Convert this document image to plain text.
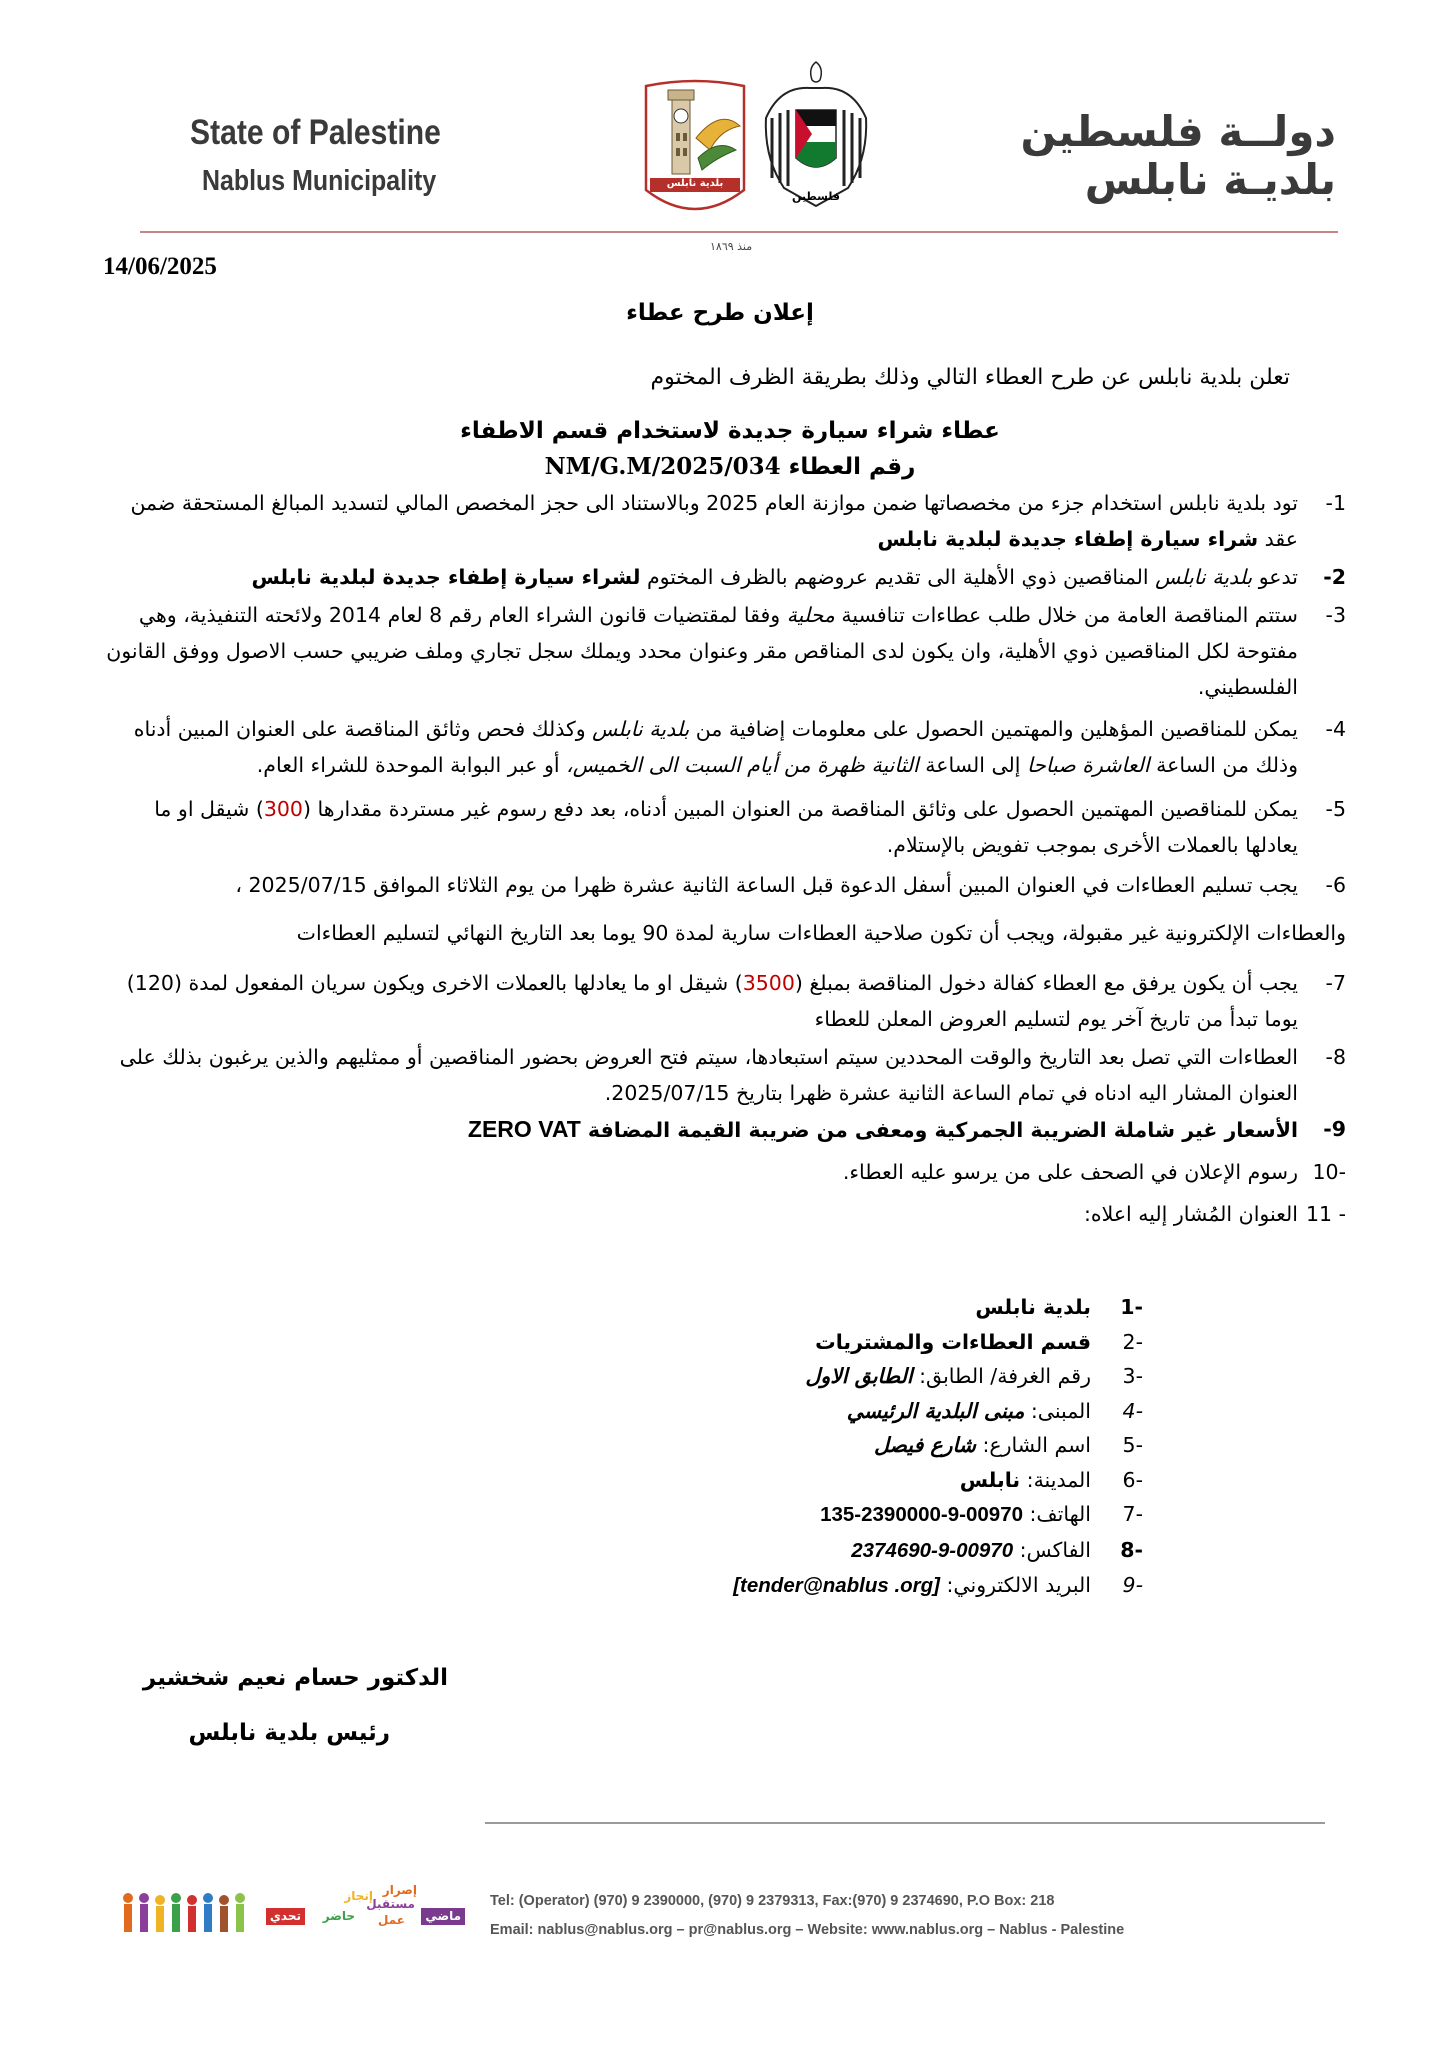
State of Palestine
Nablus Municipality
دولــة فلسطين
بلديـة نابلس
بلدية نابلس
منذ ١٨٦٩
فلسطين
14/06/2025
إعلان طرح عطاء
تعلن بلدية نابلس عن طرح العطاء التالي وذلك بطريقة الظرف المختوم
عطاء شراء سيارة جديدة لاستخدام قسم الاطفاء
رقم العطاء NM/G.M/2025/034
-1
تود بلدية نابلس استخدام جزء من مخصصاتها ضمن موازنة العام 2025 وبالاستناد الى حجز المخصص المالي لتسديد المبالغ المستحقة ضمن عقد شراء سيارة إطفاء جديدة لبلدية نابلس
-2
تدعو بلدية نابلس المناقصين ذوي الأهلية الى تقديم عروضهم بالظرف المختوم لشراء سيارة إطفاء جديدة لبلدية نابلس
-3
ستتم المناقصة العامة من خلال طلب عطاءات تنافسية محلية وفقا لمقتضيات قانون الشراء العام رقم 8 لعام 2014 ولائحته التنفيذية، وهي مفتوحة لكل المناقصين ذوي الأهلية، وان يكون لدى المناقص مقر وعنوان محدد ويملك سجل تجاري وملف ضريبي حسب الاصول ووفق القانون الفلسطيني.
-4
يمكن للمناقصين المؤهلين والمهتمين الحصول على معلومات إضافية من بلدية نابلس وكذلك فحص وثائق المناقصة على العنوان المبين أدناه وذلك من الساعة العاشرة صباحا إلى الساعة الثانية ظهرة من أيام السبت الى الخميس، أو عبر البوابة الموحدة للشراء العام.
-5
يمكن للمناقصين المهتمين الحصول على وثائق المناقصة من العنوان المبين أدناه، بعد دفع رسوم غير مستردة مقدارها (300) شيقل او ما يعادلها بالعملات الأخرى بموجب تفويض بالإستلام.
-6
يجب تسليم العطاءات في العنوان المبين أسفل الدعوة قبل الساعة الثانية عشرة ظهرا من يوم الثلاثاء الموافق 2025/07/15 ،
والعطاءات الإلكترونية غير مقبولة، ويجب أن تكون صلاحية العطاءات سارية لمدة 90 يوما بعد التاريخ النهائي لتسليم العطاءات
-7
يجب أن يكون يرفق مع العطاء كفالة دخول المناقصة بمبلغ (3500) شيقل او ما يعادلها بالعملات الاخرى ويكون سريان المفعول لمدة (120) يوما تبدأ من تاريخ آخر يوم لتسليم العروض المعلن للعطاء
-8
العطاءات التي تصل بعد التاريخ والوقت المحددين سيتم استبعادها، سيتم فتح العروض بحضور المناقصين أو ممثليهم والذين يرغبون بذلك على العنوان المشار اليه ادناه في تمام الساعة الثانية عشرة ظهرا بتاريخ 2025/07/15.
-9
الأسعار غير شاملة الضريبة الجمركية ومعفى من ضريبة القيمة المضافة ZERO VAT
10-
رسوم الإعلان في الصحف على من يرسو عليه العطاء.
11 -
العنوان المُشار إليه اعلاه:
1-
بلدية نابلس
2-
قسم العطاءات والمشتريات
3-
رقم الغرفة/ الطابق: الطابق الاول
4-
المبنى: مبنى البلدية الرئيسي
5-
اسم الشارع: شارع فيصل
6-
المدينة: نابلس
7-
الهاتف: 00970-9-2390000-135
8-
الفاكس: 00970-9-2374690
9-
البريد الالكتروني: [tender@nablus .org]
الدكتور حسام نعيم شخشير
رئيس بلدية نابلس
ماضي
إصرار
مستقبل
إنجاز
عمل
حاضر
تحدي
Tel: (Operator) (970) 9 2390000, (970) 9 2379313, Fax:(970) 9 2374690, P.O Box: 218
Email: nablus@nablus.org – pr@nablus.org – Website: www.nablus.org – Nablus - Palestine
